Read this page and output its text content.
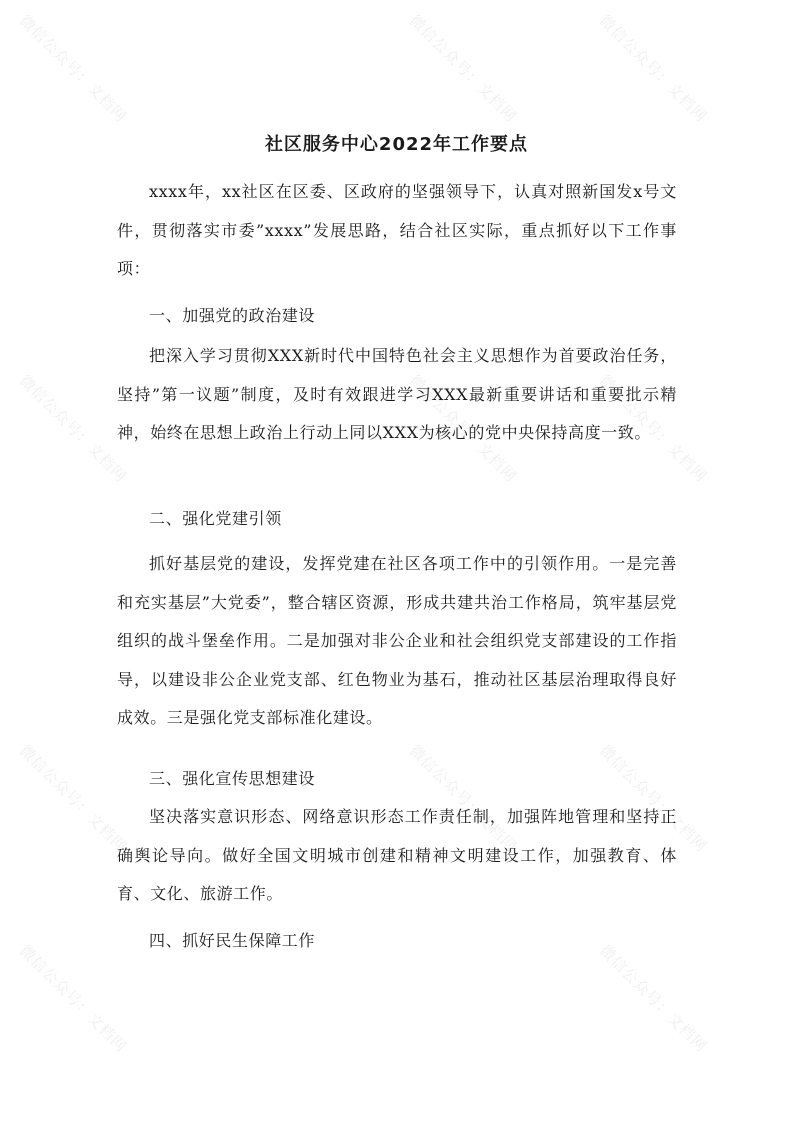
微信公众号：文档网	微信公众号：文档网	微信公众号：文档网
微信公众号：文档网	微信公众号：文档网	微信公众号：文档网
微信公众号：文档网	微信公众号：文档网	微信公众号：文档网
微信公众号：文档网	微信公众号：文档网
社区服务中心2022年工作要点

xxxx年，xx社区在区委、区政府的坚强领导下，认真对照新国发x号文件，贯彻落实市委”xxxx”发展思路，结合社区实际，重点抓好以下工作事项：

一、加强党的政治建设

把深入学习贯彻XXX新时代中国特色社会主义思想作为首要政治任务，坚持”第一议题”制度，及时有效跟进学习XXX最新重要讲话和重要批示精神，始终在思想上政治上行动上同以XXX为核心的党中央保持高度一致。

二、强化党建引领

抓好基层党的建设，发挥党建在社区各项工作中的引领作用。一是完善和充实基层”大党委”，整合辖区资源，形成共建共治工作格局，筑牢基层党组织的战斗堡垒作用。二是加强对非公企业和社会组织党支部建设的工作指导，以建设非公企业党支部、红色物业为基石，推动社区基层治理取得良好成效。三是强化党支部标准化建设。

三、强化宣传思想建设

坚决落实意识形态、网络意识形态工作责任制，加强阵地管理和坚持正确舆论导向。做好全国文明城市创建和精神文明建设工作，加强教育、体育、文化、旅游工作。

四、抓好民生保障工作
